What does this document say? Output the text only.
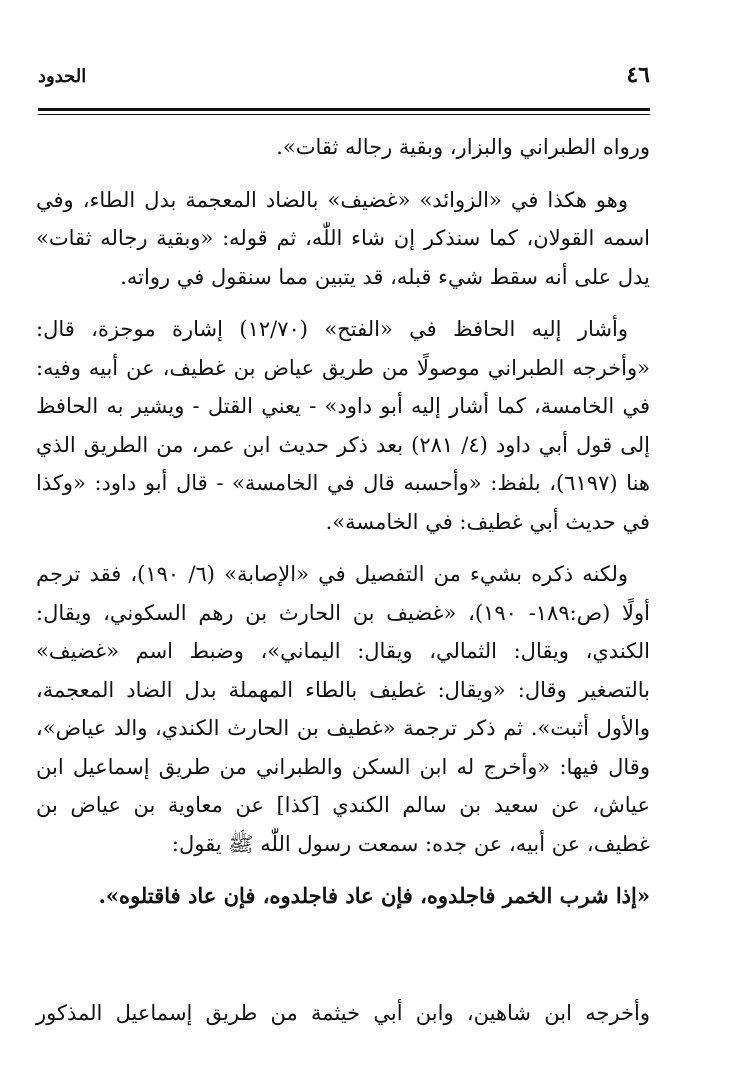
٤٦
الحدود

ورواه الطبراني والبزار، وبقية رجاله ثقات».

وهو هكذا في «الزوائد» «غضيف» بالضاد المعجمة بدل الطاء، وفي اسمه القولان، كما سنذكر إن شاء اللّٰه، ثم قوله: «وبقية رجاله ثقات» يدل على أنه سقط شيء قبله، قد يتبين مما سنقول في رواته.

وأشار إليه الحافظ في «الفتح» (١٢/٧٠) إشارة موجزة، قال: «وأخرجه الطبراني موصولًا من طريق عياض بن غطيف، عن أبيه وفيه: في الخامسة، كما أشار إليه أبو داود» - يعني القتل - ويشير به الحافظ إلى قول أبي داود (٤/ ٢٨١) بعد ذكر حديث ابن عمر، من الطريق الذي هنا (٦١٩٧)، بلفظ: «وأحسبه قال في الخامسة» - قال أبو داود: «وكذا في حديث أبي غطيف: في الخامسة».

ولكنه ذكره بشيء من التفصيل في «الإصابة» (٦/ ١٩٠)، فقد ترجم أولًا (ص:١٨٩- ١٩٠)، «غضيف بن الحارث بن رهم السكوني، ويقال: الكندي، ويقال: الثمالي، ويقال: اليماني»، وضبط اسم «غضيف» بالتصغير وقال: «ويقال: غطيف بالطاء المهملة بدل الضاد المعجمة، والأول أثبت». ثم ذكر ترجمة «غطيف بن الحارث الكندي، والد عياض»، وقال فيها: «وأخرج له ابن السكن والطبراني من طريق إسماعيل ابن عياش، عن سعيد بن سالم الكندي [كذا] عن معاوية بن عياض بن غطيف، عن أبيه، عن جده: سمعت رسول اللّٰه ﷺ يقول:

«إذا شرب الخمر فاجلدوه، فإن عاد فاجلدوه، فإن عاد فاقتلوه».

وأخرجه ابن شاهين، وابن أبي خيثمة من طريق إسماعيل المذكور
